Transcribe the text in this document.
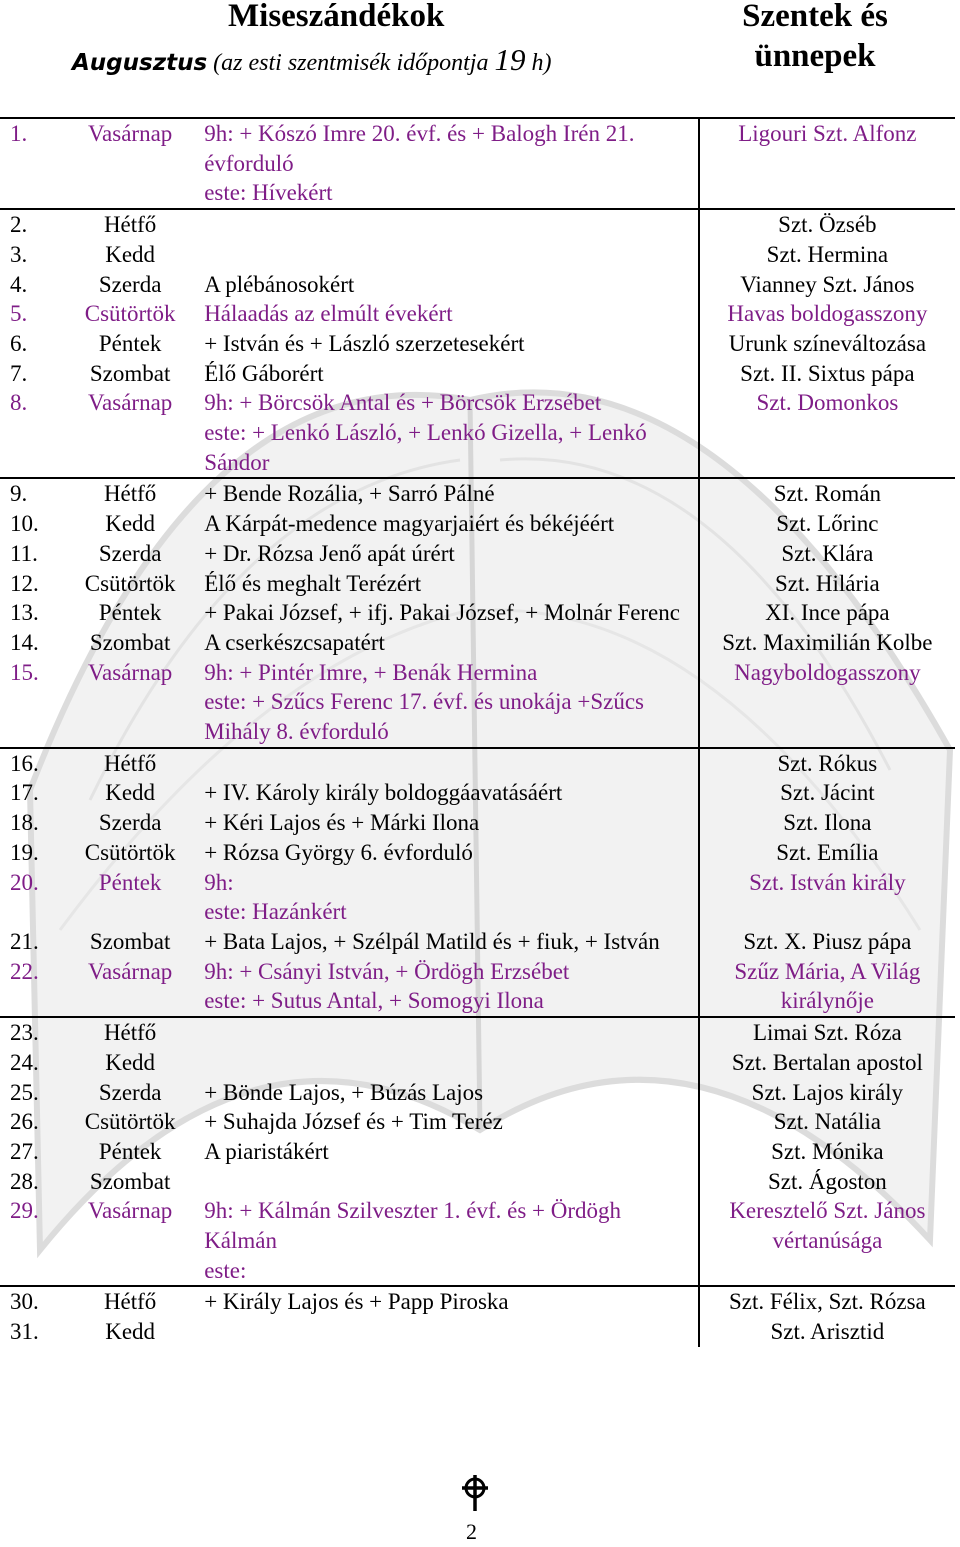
Miseszándékok
Augusztus (az esti szentmisék időpontja 19 h)
Szentek és ünnepek
1.	Vasárnap	9h: + Kószó Imre 20. évf. és + Balogh Irén 21. évforduló
este: Hívekért	Ligouri Szt. Alfonz
2.	Hétfő		Szt. Özséb
3.	Kedd		Szt. Hermina
4.	Szerda	A plébánosokért	Vianney Szt. János
5.	Csütörtök	Hálaadás az elmúlt évekért	Havas boldogasszony
6.	Péntek	+ István és + László szerzetesekért	Urunk színeváltozása
7.	Szombat	Élő Gáborért	Szt. II. Sixtus pápa
8.	Vasárnap	9h: + Börcsök Antal és + Börcsök Erzsébet
este: + Lenkó László, + Lenkó Gizella, + Lenkó Sándor	Szt. Domonkos
9.	Hétfő	+ Bende Rozália, + Sarró Pálné	Szt. Román
10.	Kedd	A Kárpát-medence magyarjaiért és békéjéért	Szt. Lőrinc
11.	Szerda	+ Dr. Rózsa Jenő apát úrért	Szt. Klára
12.	Csütörtök	Élő és meghalt Terézért	Szt. Hilária
13.	Péntek	+ Pakai József, + ifj. Pakai József, + Molnár Ferenc	XI. Ince pápa
14.	Szombat	A cserkészcsapatért	Szt. Maximilián Kolbe
15.	Vasárnap	9h: + Pintér Imre, + Benák Hermina
este: + Szűcs Ferenc 17. évf. és unokája +Szűcs Mihály 8. évforduló	Nagyboldogasszony
16.	Hétfő		Szt. Rókus
17.	Kedd	+ IV. Károly király boldoggáavatásáért	Szt. Jácint
18.	Szerda	+ Kéri Lajos és + Márki Ilona	Szt. Ilona
19.	Csütörtök	+ Rózsa György 6. évforduló	Szt. Emília
20.	Péntek	9h:
este: Hazánkért	Szt. István király
21.	Szombat	+ Bata Lajos, + Szélpál Matild és + fiuk, + István	Szt. X. Piusz pápa
22.	Vasárnap	9h: + Csányi István, + Ördögh Erzsébet
este: + Sutus Antal, + Somogyi Ilona	Szűz Mária, A Világ királynője
23.	Hétfő		Limai Szt. Róza
24.	Kedd		Szt. Bertalan apostol
25.	Szerda	+ Bönde Lajos, + Búzás Lajos	Szt. Lajos király
26.	Csütörtök	+ Suhajda József és + Tim Teréz	Szt. Natália
27.	Péntek	A piaristákért	Szt. Mónika
28.	Szombat		Szt. Ágoston
29.	Vasárnap	9h: + Kálmán Szilveszter 1. évf. és + Ördögh Kálmán
este:	Keresztelő Szt. János vértanúsága
30.	Hétfő	+ Király Lajos és + Papp Piroska	Szt. Félix, Szt. Rózsa
31.	Kedd		Szt. Arisztid
2
